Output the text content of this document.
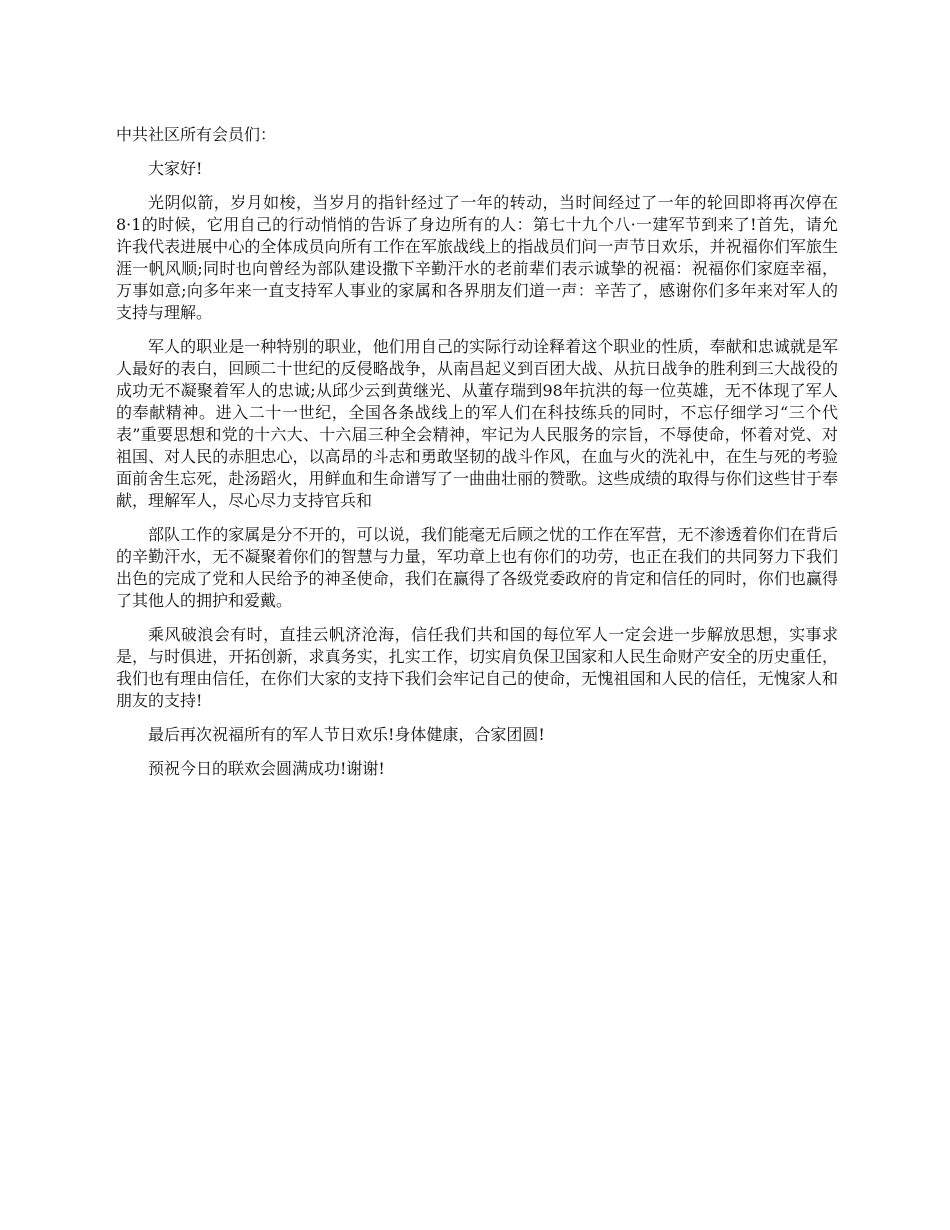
中共社区所有会员们：

大家好!

光阴似箭，岁月如梭，当岁月的指针经过了一年的转动，当时间经过了一年的轮回即将再次停在8·1的时候，它用自己的行动悄悄的告诉了身边所有的人：第七十九个八·一建军节到来了!首先，请允许我代表进展中心的全体成员向所有工作在军旅战线上的指战员们问一声节日欢乐，并祝福你们军旅生涯一帆风顺;同时也向曾经为部队建设撒下辛勤汗水的老前辈们表示诚挚的祝福：祝福你们家庭幸福，万事如意;向多年来一直支持军人事业的家属和各界朋友们道一声：辛苦了，感谢你们多年来对军人的支持与理解。

军人的职业是一种特别的职业，他们用自己的实际行动诠释着这个职业的性质，奉献和忠诚就是军人最好的表白，回顾二十世纪的反侵略战争，从南昌起义到百团大战、从抗日战争的胜利到三大战役的成功无不凝聚着军人的忠诚;从邱少云到黄继光、从董存瑞到98年抗洪的每一位英雄，无不体现了军人的奉献精神。进入二十一世纪，全国各条战线上的军人们在科技练兵的同时，不忘仔细学习“三个代表”重要思想和党的十六大、十六届三种全会精神，牢记为人民服务的宗旨，不辱使命，怀着对党、对祖国、对人民的赤胆忠心，以高昂的斗志和勇敢坚韧的战斗作风，在血与火的洗礼中，在生与死的考验面前舍生忘死，赴汤蹈火，用鲜血和生命谱写了一曲曲壮丽的赞歌。这些成绩的取得与你们这些甘于奉献，理解军人，尽心尽力支持官兵和

部队工作的家属是分不开的，可以说，我们能毫无后顾之忧的工作在军营，无不渗透着你们在背后的辛勤汗水，无不凝聚着你们的智慧与力量，军功章上也有你们的功劳，也正在我们的共同努力下我们出色的完成了党和人民给予的神圣使命，我们在赢得了各级党委政府的肯定和信任的同时，你们也赢得了其他人的拥护和爱戴。

乘风破浪会有时，直挂云帆济沧海，信任我们共和国的每位军人一定会进一步解放思想，实事求是，与时俱进，开拓创新，求真务实，扎实工作，切实肩负保卫国家和人民生命财产安全的历史重任，我们也有理由信任，在你们大家的支持下我们会牢记自己的使命，无愧祖国和人民的信任，无愧家人和朋友的支持!

最后再次祝福所有的军人节日欢乐!身体健康，合家团圆!

预祝今日的联欢会圆满成功!谢谢!
